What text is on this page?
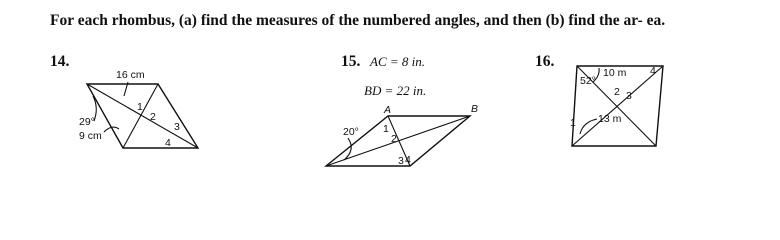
For each rhombus, (a) find the measures of the numbered angles, and then (b) find the ar- ea.

14.
16 cm
29°
9 cm
1
2
3
4
15. AC = 8 in.
BD = 22 in.
A	B
20° 1
2
3 4
16.
52°
10 m 4
2 3
1 13 m
